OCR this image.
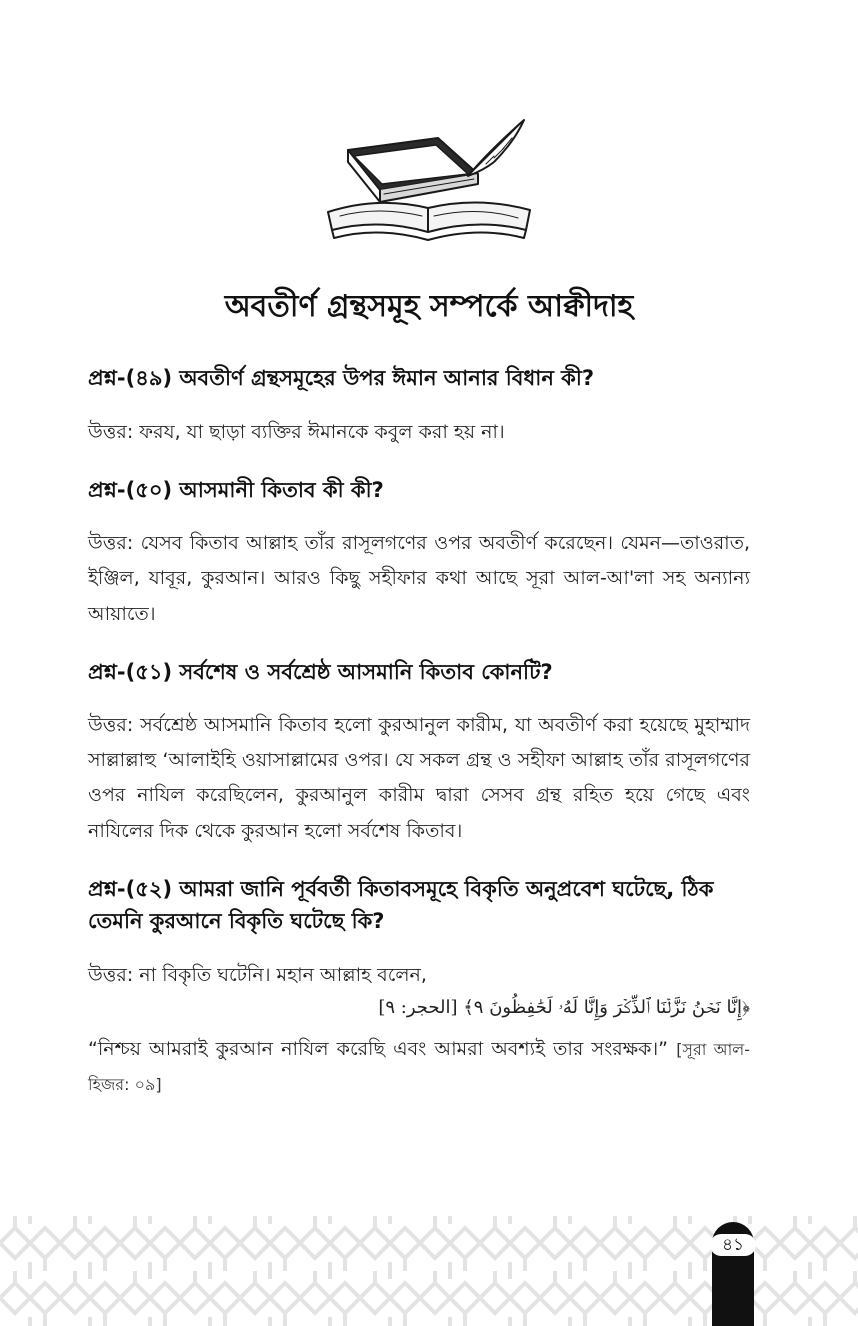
অবতীর্ণ গ্রন্থসমূহ সম্পর্কে আক্বীদাহ

প্রশ্ন-(৪৯) অবতীর্ণ গ্রন্থসমূহের উপর ঈমান আনার বিধান কী?

উত্তর: ফরয, যা ছাড়া ব্যক্তির ঈমানকে কবুল করা হয় না।

প্রশ্ন-(৫০) আসমানী কিতাব কী কী?

উত্তর: যেসব কিতাব আল্লাহ তাঁর রাসূলগণের ওপর অবতীর্ণ করেছেন। যেমন—তাওরাত, ইঞ্জিল, যাবূর, কুরআন। আরও কিছু সহীফার কথা আছে সূরা আল-আ'লা সহ অন্যান্য আয়াতে।

প্রশ্ন-(৫১) সর্বশেষ ও সর্বশ্রেষ্ঠ আসমানি কিতাব কোনটি?

উত্তর: সর্বশ্রেষ্ঠ আসমানি কিতাব হলো কুরআনুল কারীম, যা অবতীর্ণ করা হয়েছে মুহাম্মাদ সাল্লাল্লাহু ‘আলাইহি ওয়াসাল্লামের ওপর। যে সকল গ্রন্থ ও সহীফা আল্লাহ তাঁর রাসূলগণের ওপর নাযিল করেছিলেন, কুরআনুল কারীম দ্বারা সেসব গ্রন্থ রহিত হয়ে গেছে এবং নাযিলের দিক থেকে কুরআন হলো সর্বশেষ কিতাব।

প্রশ্ন-(৫২) আমরা জানি পূর্ববর্তী কিতাবসমূহে বিকৃতি অনুপ্রবেশ ঘটেছে, ঠিক তেমনি কুরআনে বিকৃতি ঘটেছে কি?

উত্তর: না বিকৃতি ঘটেনি। মহান আল্লাহ বলেন,

﴿إِنَّا نَحۡنُ نَزَّلۡنَا ٱلذِّكۡرَ وَإِنَّا لَهُۥ لَحَٰفِظُونَ ٩﴾ [الحجر: ٩]

“নিশ্চয় আমরাই কুরআন নাযিল করেছি এবং আমরা অবশ্যই তার সংরক্ষক।” [সূরা আল-হিজর: ০৯]

৪১
